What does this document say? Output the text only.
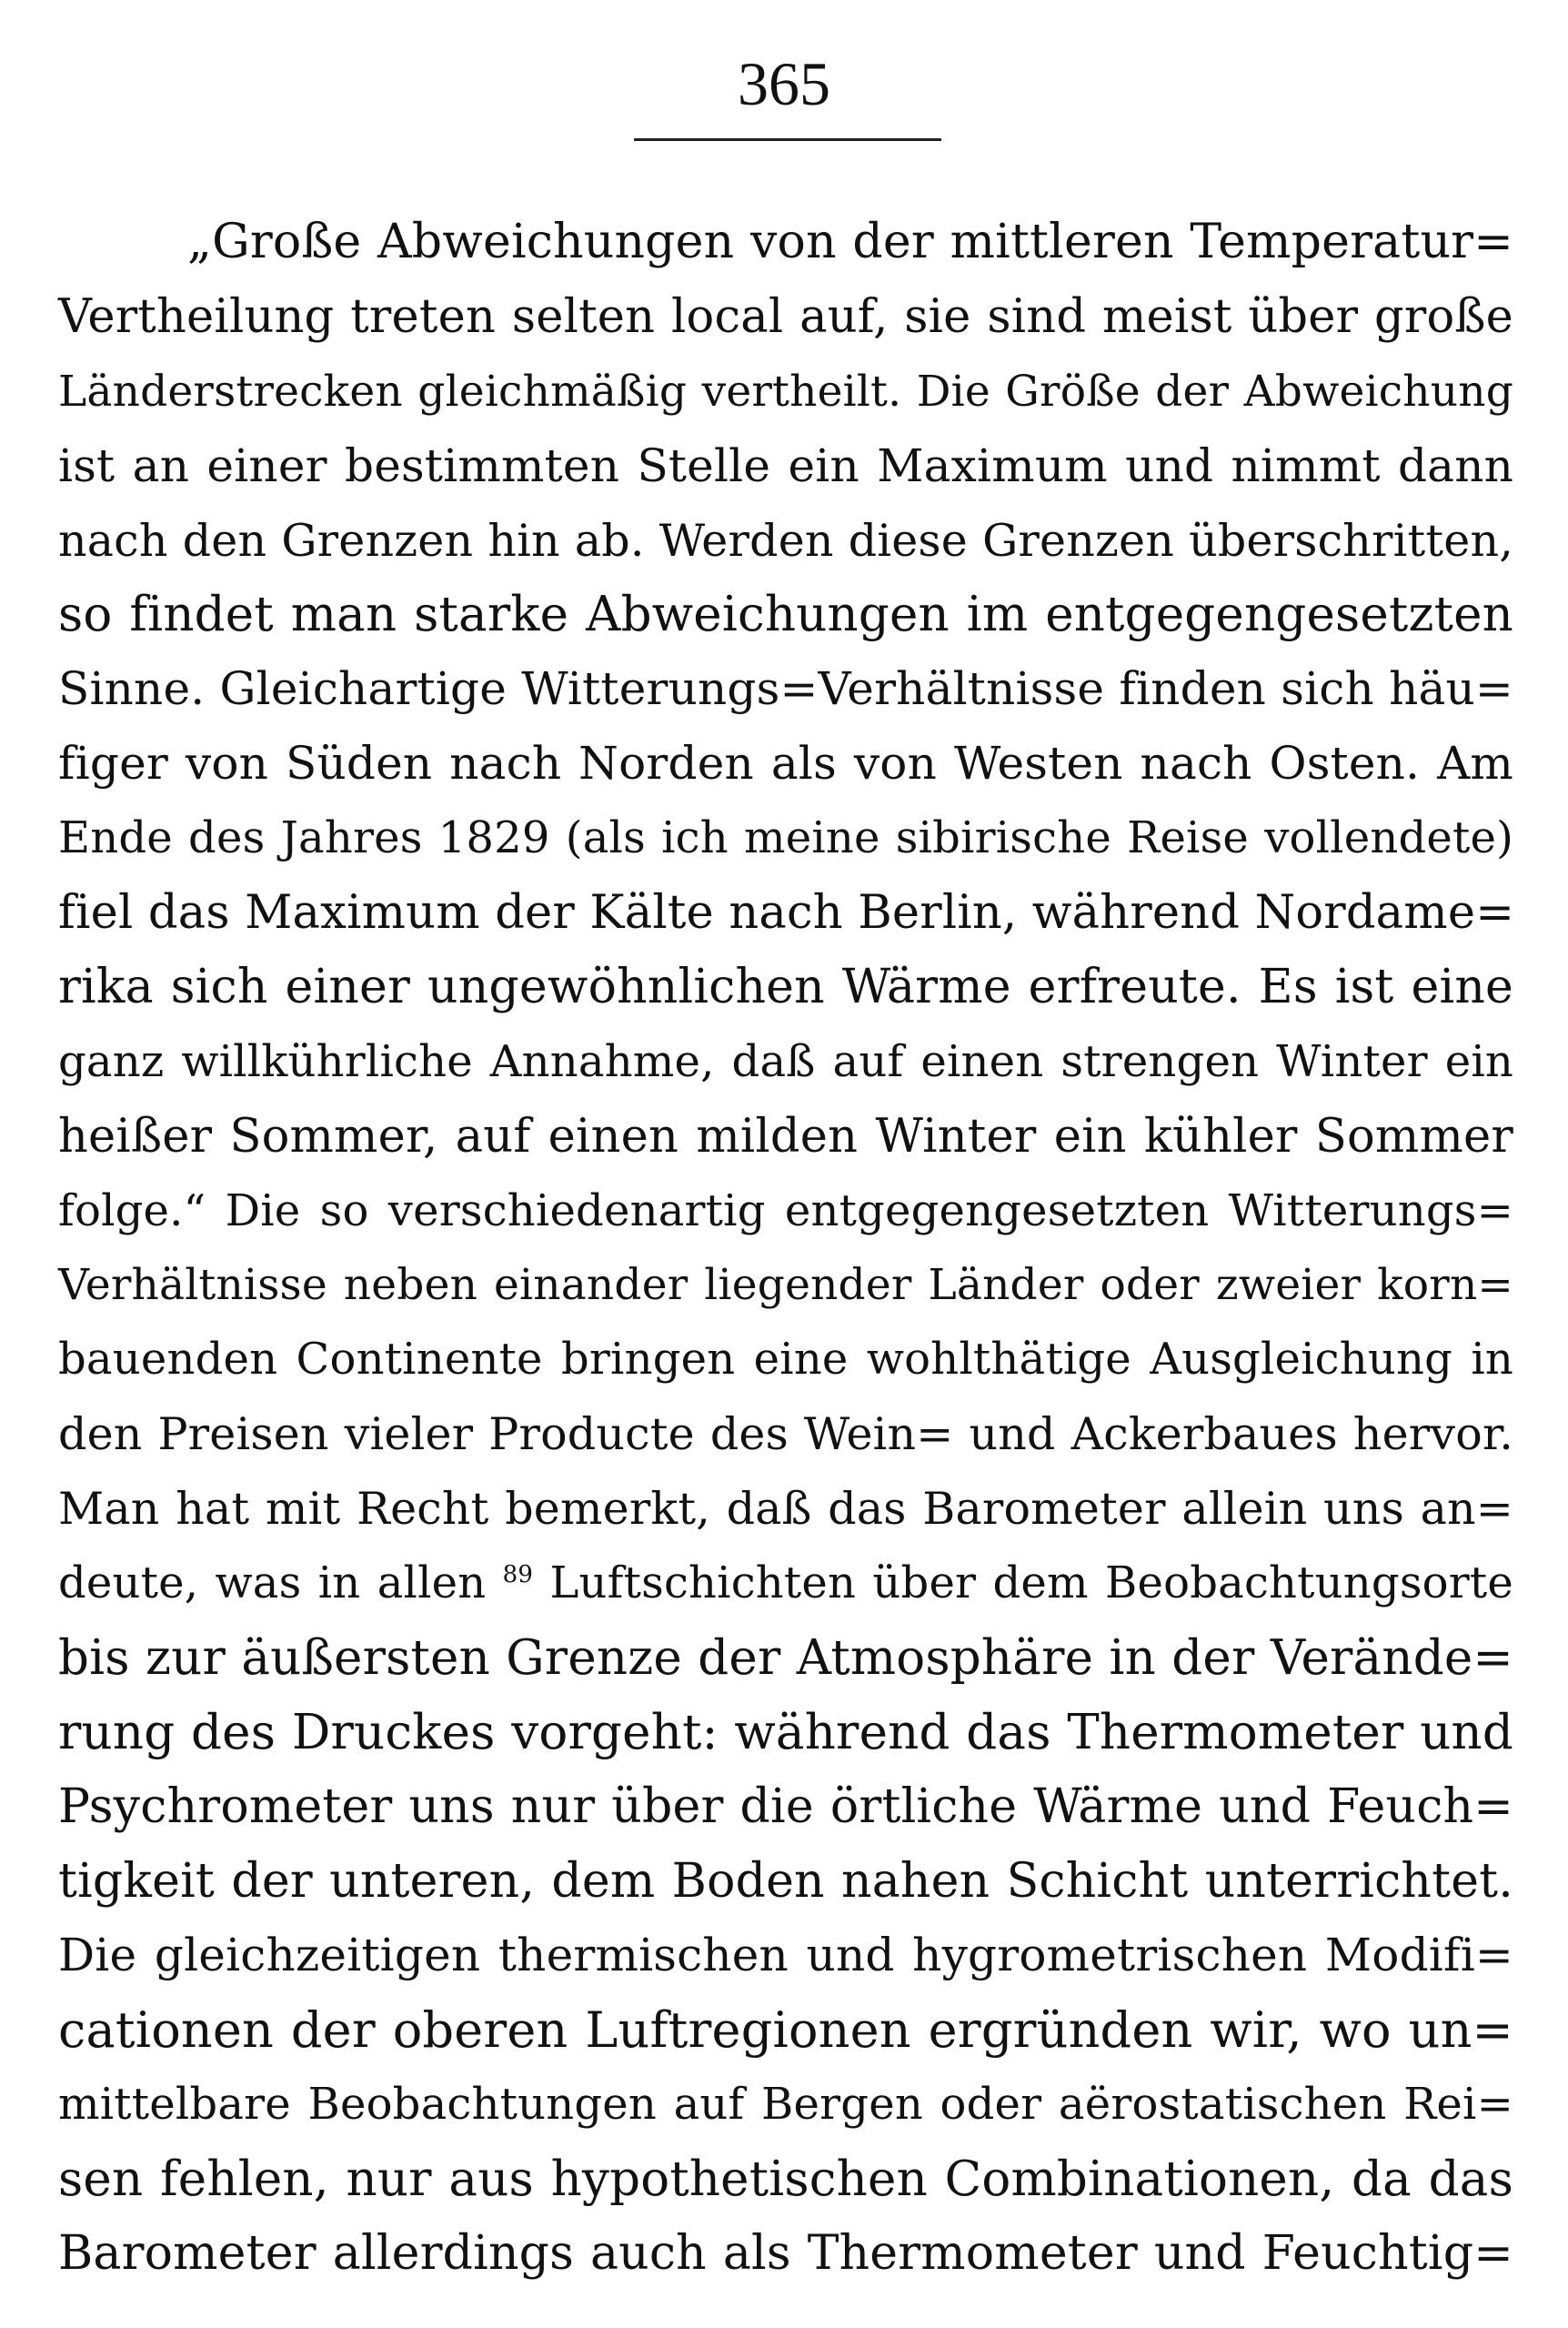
365
„Große Abweichungen von der mittleren Temperatur=
Vertheilung treten selten local auf, sie sind meist über große
Länderstrecken gleichmäßig vertheilt. Die Größe der Abweichung
ist an einer bestimmten Stelle ein Maximum und nimmt dann
nach den Grenzen hin ab. Werden diese Grenzen überschritten,
so findet man starke Abweichungen im entgegengesetzten
Sinne. Gleichartige Witterungs=Verhältnisse finden sich häu=
figer von Süden nach Norden als von Westen nach Osten. Am
Ende des Jahres 1829 (als ich meine sibirische Reise vollendete)
fiel das Maximum der Kälte nach Berlin, während Nordame=
rika sich einer ungewöhnlichen Wärme erfreute. Es ist eine
ganz willkührliche Annahme, daß auf einen strengen Winter ein
heißer Sommer, auf einen milden Winter ein kühler Sommer
folge.“ Die so verschiedenartig entgegengesetzten Witterungs=
Verhältnisse neben einander liegender Länder oder zweier korn=
bauenden Continente bringen eine wohlthätige Ausgleichung in
den Preisen vieler Producte des Wein= und Ackerbaues hervor.
Man hat mit Recht bemerkt, daß das Barometer allein uns an=
deute, was in allen $^{89}$ Luftschichten über dem Beobachtungsorte
bis zur äußersten Grenze der Atmosphäre in der Verände=
rung des Druckes vorgeht: während das Thermometer und
Psychrometer uns nur über die örtliche Wärme und Feuch=
tigkeit der unteren, dem Boden nahen Schicht unterrichtet.
Die gleichzeitigen thermischen und hygrometrischen Modifi=
cationen der oberen Luftregionen ergründen wir, wo un=
mittelbare Beobachtungen auf Bergen oder aërostatischen Rei=
sen fehlen, nur aus hypothetischen Combinationen, da das
Barometer allerdings auch als Thermometer und Feuchtig=
